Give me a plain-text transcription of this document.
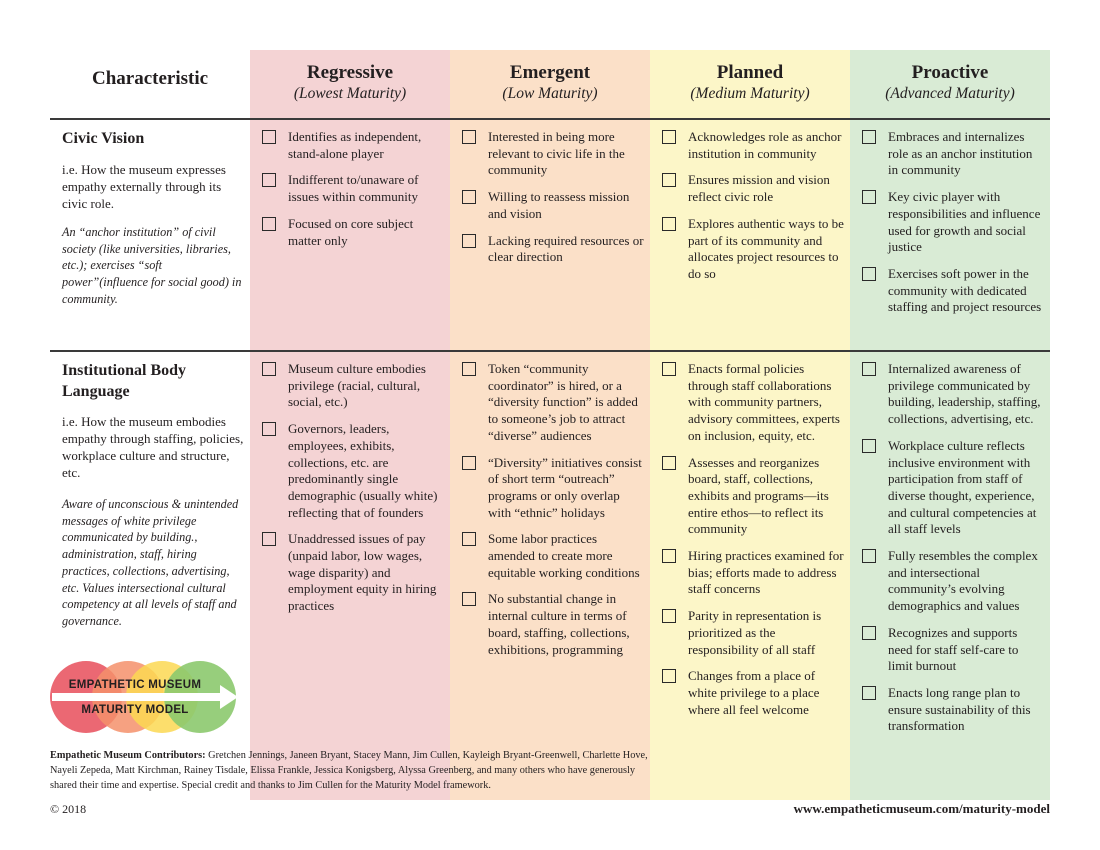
Characteristic	Regressive
(Lowest Maturity)
Emergent
(Low Maturity)
Planned
(Medium Maturity)
Proactive
(Advanced Maturity)
Civic Vision
i.e. How the museum expresses empathy externally through its civic role.
An “anchor institution” of civil society (like universities, libraries, etc.); exercises “soft power”(influence for social good) in community.
Identifies as independent, stand-alone player
Indifferent to/unaware of issues within community
Focused on core subject matter only
Interested in being more relevant to civic life in the community
Willing to reassess mission and vision
Lacking required resources or clear direction
Acknowledges role as anchor institution in community
Ensures mission and vision reflect civic role
Explores authentic ways to be part of its community and allocates project resources to do so
Embraces and internalizes role as an anchor institution in community
Key civic player with responsibilities and influence used for growth and social justice
Exercises soft power in the community with dedicated staffing and project resources
Institutional Body Language
i.e. How the museum embodies empathy through staffing, policies, workplace culture and structure, etc.
Aware of unconscious & unintended messages of white privilege communicated by building., administration, staff, hiring practices, collections, advertising, etc. Values intersectional cultural competency at all levels of staff and governance.
Museum culture embodies privilege (racial, cultural, social, etc.)
Governors, leaders, employees, exhibits, collections, etc. are predominantly single demographic (usually white) reflecting that of founders
Unaddressed issues of pay (unpaid labor, low wages, wage disparity) and employment equity in hiring practices
Token “community coordinator” is hired, or a “diversity function” is added to someone’s job to attract “diverse” audiences
“Diversity” initiatives consist of short term “outreach” programs or only overlap with “ethnic” holidays
Some labor practices amended to create more equitable working conditions
No substantial change in internal culture in terms of board, staffing, collections, exhibitions, programming
Enacts formal policies through staff collaborations with community partners, advisory committees, experts on inclusion, equity, etc.
Assesses and reorganizes board, staff, collections, exhibits and programs—its entire ethos—to reflect its community
Hiring practices examined for bias; efforts made to address staff concerns
Parity in representation is prioritized as the responsibility of all staff
Changes from a place of white privilege to a place where all feel welcome
Internalized awareness of privilege communicated by building, leadership, staffing, collections, advertising, etc.
Workplace culture reflects inclusive environment with participation from staff of diverse thought, experience, and cultural competencies at all staff levels
Fully resembles the complex and intersectional community’s evolving demographics and values
Recognizes and supports need for staff self-care to limit burnout
Enacts long range plan to ensure sustainability of this transformation
EMPATHETIC MUSEUM
MATURITY MODEL
Empathetic Museum Contributors: Gretchen Jennings, Janeen Bryant, Stacey Mann, Jim Cullen, Kayleigh Bryant-Greenwell, Charlette Hove, Nayeli Zepeda, Matt Kirchman, Rainey Tisdale, Elissa Frankle, Jessica Konigsberg, Alyssa Greenberg, and many others who have generously shared their time and expertise. Special credit and thanks to Jim Cullen for the Maturity Model framework.
© 2018	www.empatheticmuseum.com/maturity-model
